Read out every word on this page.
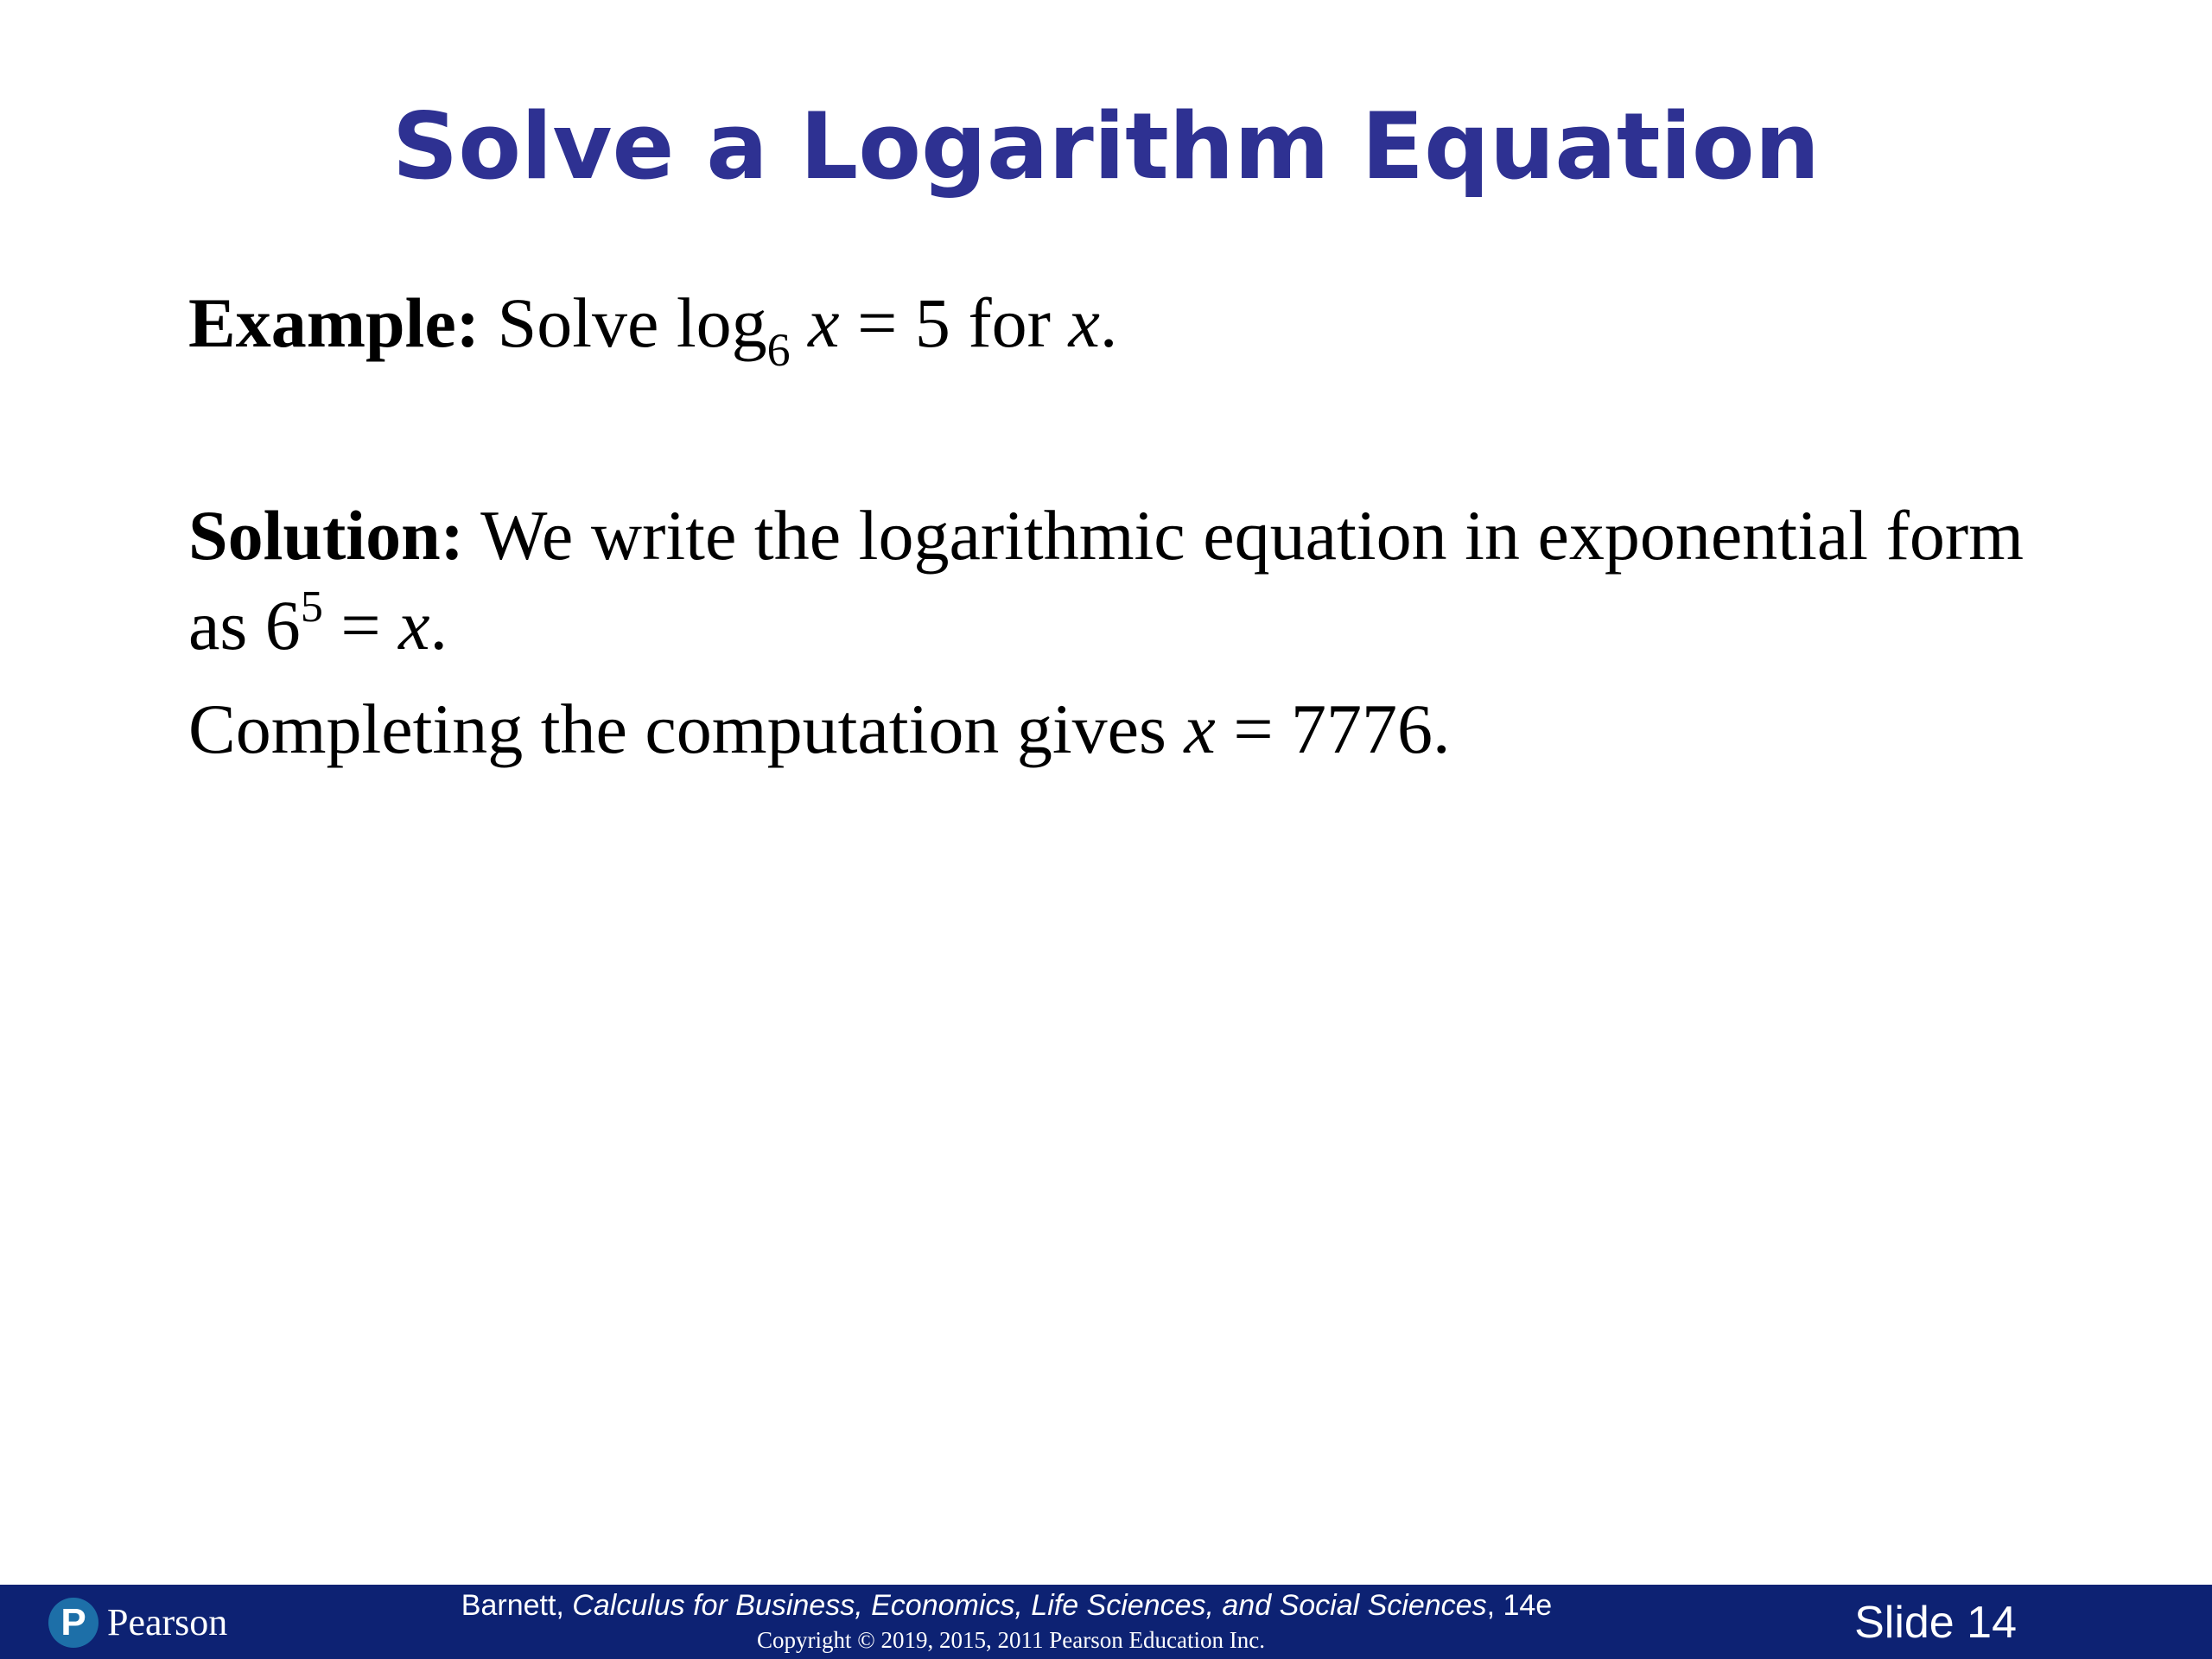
Solve a Logarithm Equation
Example: Solve $\log_6 x = 5$ for x.
Solution: We write the logarithmic equation in exponential form as $6^5 = x$.
Completing the computation gives x = 7776.
P Pearson	Barnett, Calculus for Business, Economics, Life Sciences, and Social Sciences, 14e
Copyright © 2019, 2015, 2011 Pearson Education Inc.	Slide 14
